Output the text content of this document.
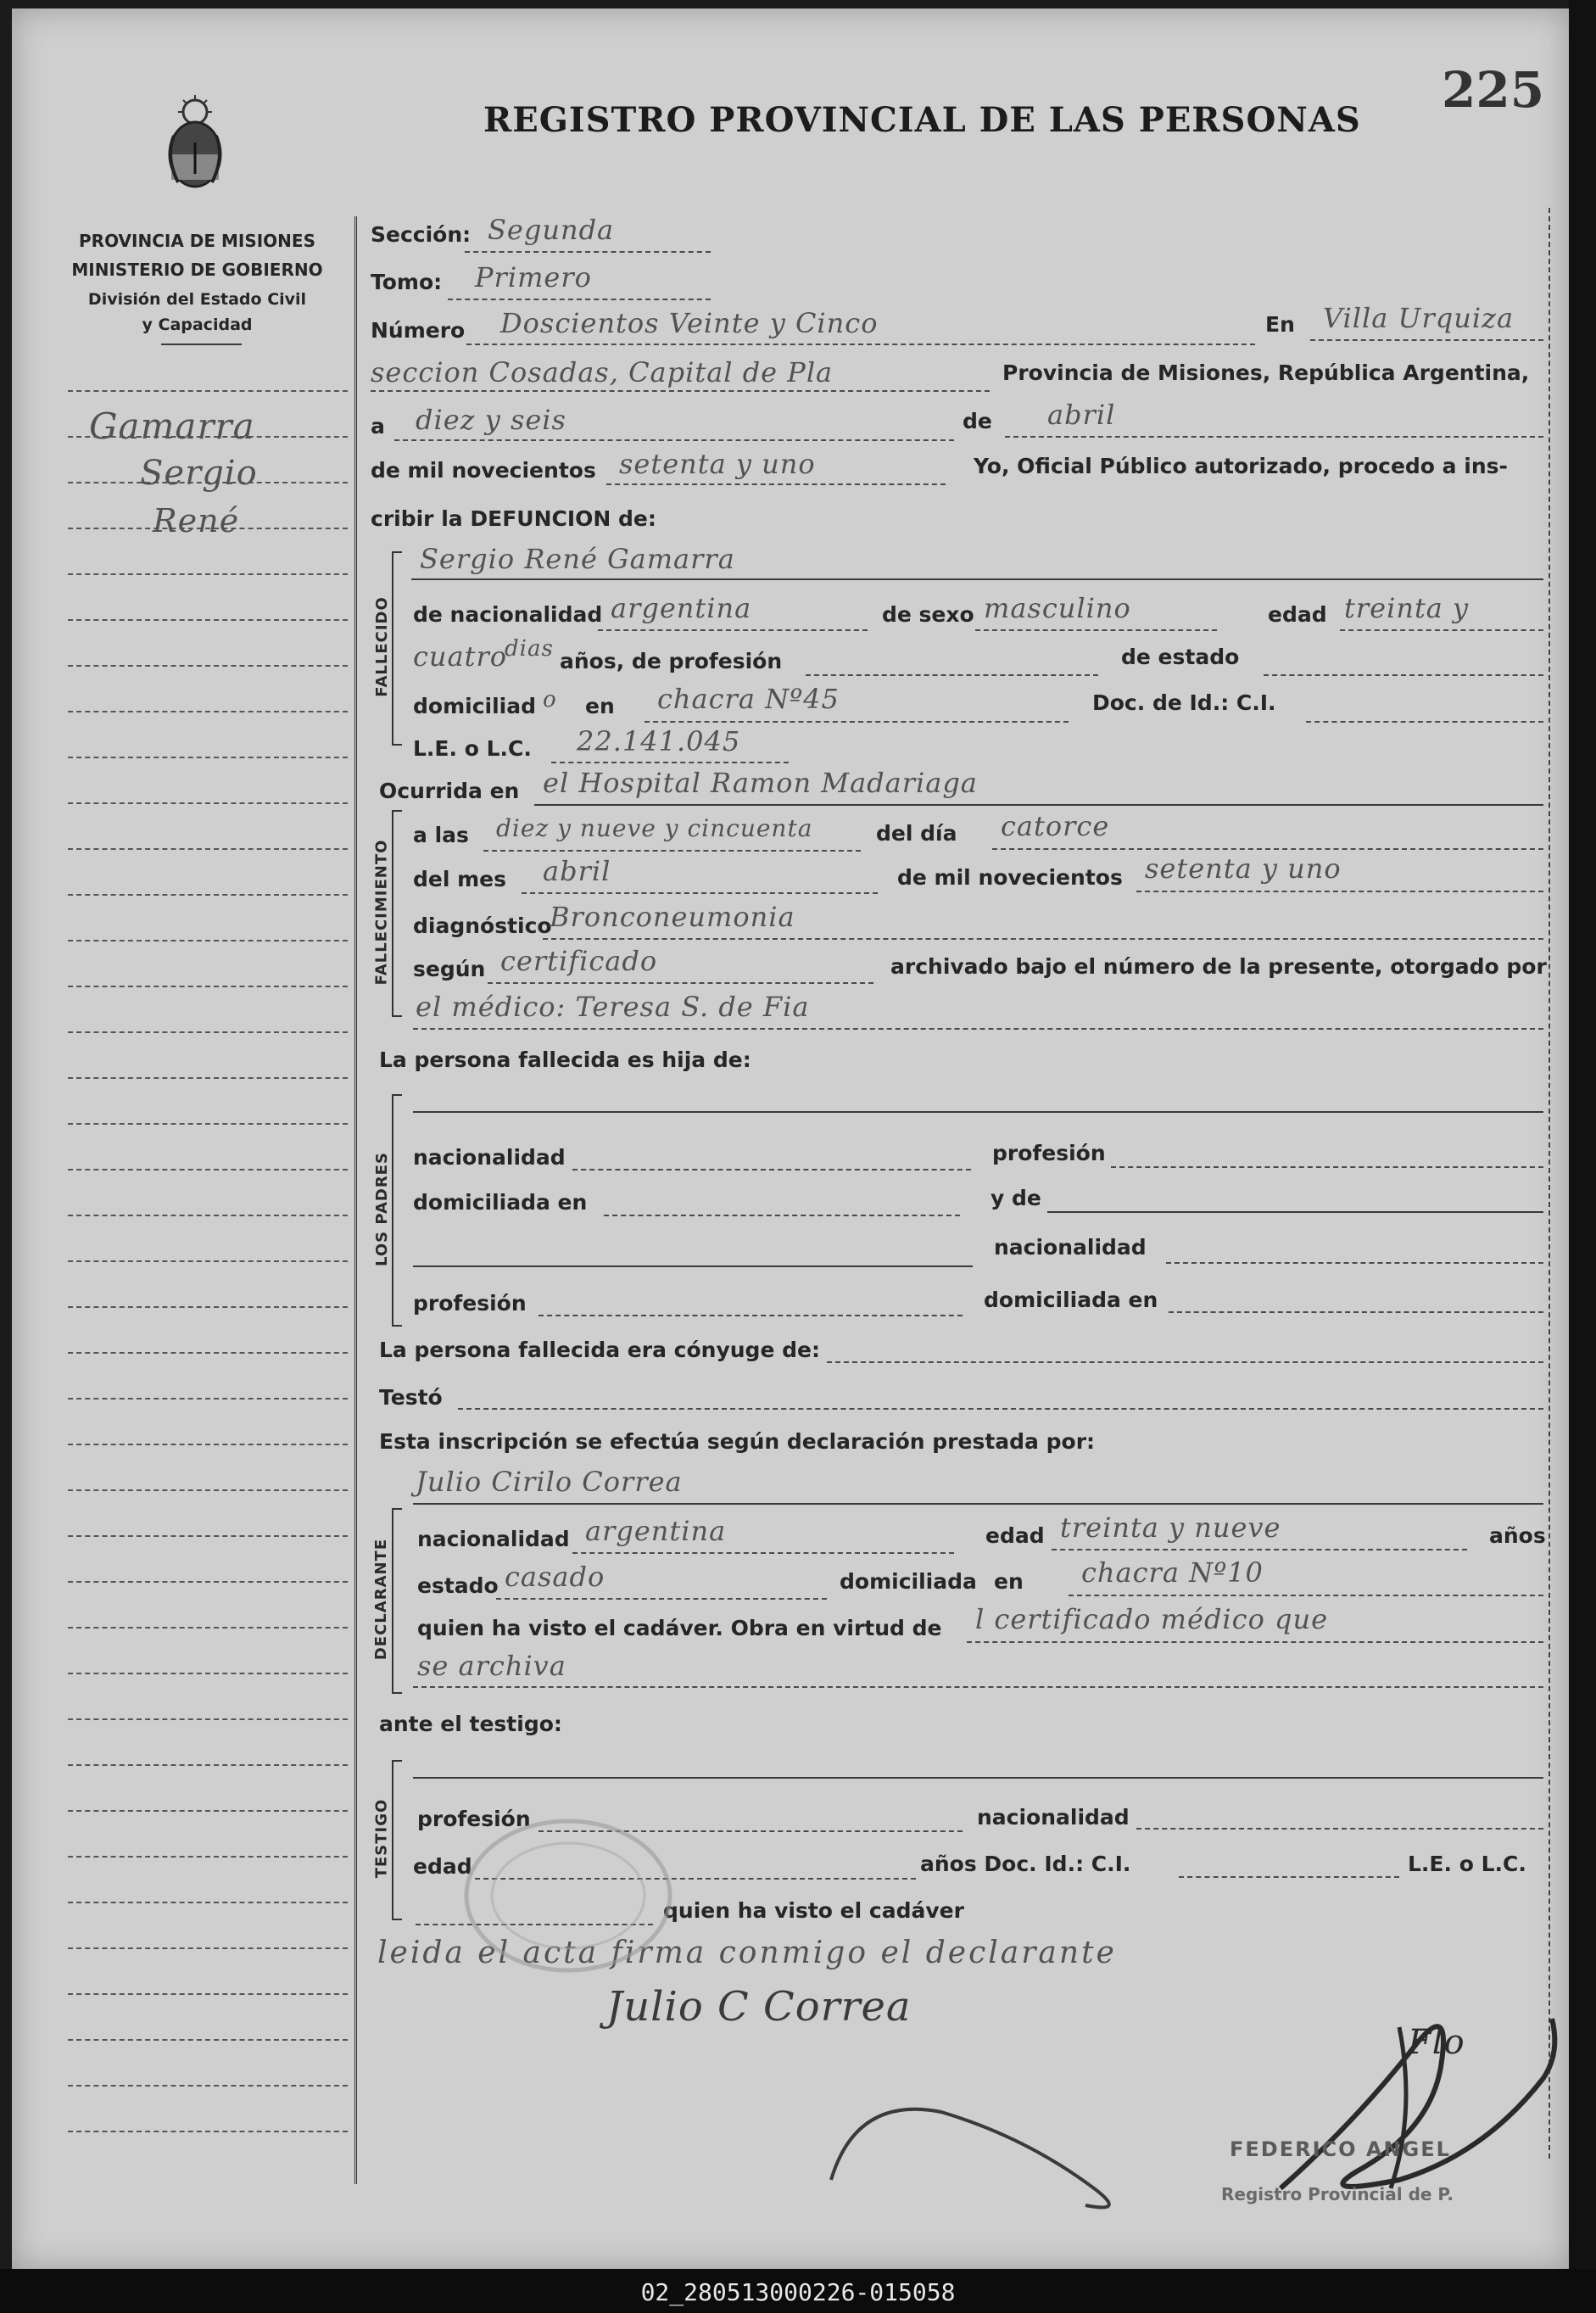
PROVINCIA DE MISIONES
MINISTERIO DE GOBIERNO
División del Estado Civil
y Capacidad
REGISTRO PROVINCIAL DE LAS PERSONAS
225
Gamarra
Sergio
René
Sección: Segunda
Tomo: Primero
Número Doscientos Veinte y Cinco	En Villa Urquiza
seccion Cosadas, Capital de Pla	Provincia de Misiones, República Argentina,
a diez y seis	de abril
de mil novecientos setenta y uno	Yo, Oficial Público autorizado, procedo a ins-
cribir la DEFUNCION de:
FALLECIDO
Sergio René Gamarra
de nacionalidad argentina	de sexo masculino	edad treinta y
cuatro
dias años, de profesión	de estado
domiciliad o en chacra Nº45	Doc. de Id.: C.I.
L.E. o L.C. 22.141.045
Ocurrida en el Hospital Ramon Madariaga
FALLECIMIENTO
a las diez y nueve y cincuenta	del día catorce
del mes abril	de mil novecientos setenta y uno
diagnóstico
Bronconeumonia
según certificado	archivado bajo el número de la presente, otorgado por
el médico: Teresa S. de Fia
La persona fallecida es hija de:
LOS PADRES nacionalidad	profesión
domiciliada en	y de
nacionalidad
profesión	domiciliada en
La persona fallecida era cónyuge de:
Testó
Esta inscripción se efectúa según declaración prestada por:
Julio Cirilo Correa
DECLARANTE nacionalidad argentina	edad treinta y nueve	años
estado casado	domiciliada en chacra Nº10
quien ha visto el cadáver. Obra en virtud de l certificado médico que
se archiva
ante el testigo:
TESTIGO profesión	nacionalidad
edad	años Doc. Id.: C.I.	L.E. o L.C.
quien ha visto el cadáver
leida el acta firma conmigo el declarante
Julio C Correa
Flo
FEDERICO ANGEL
Registro Provincial de P.
02_280513000226-015058
